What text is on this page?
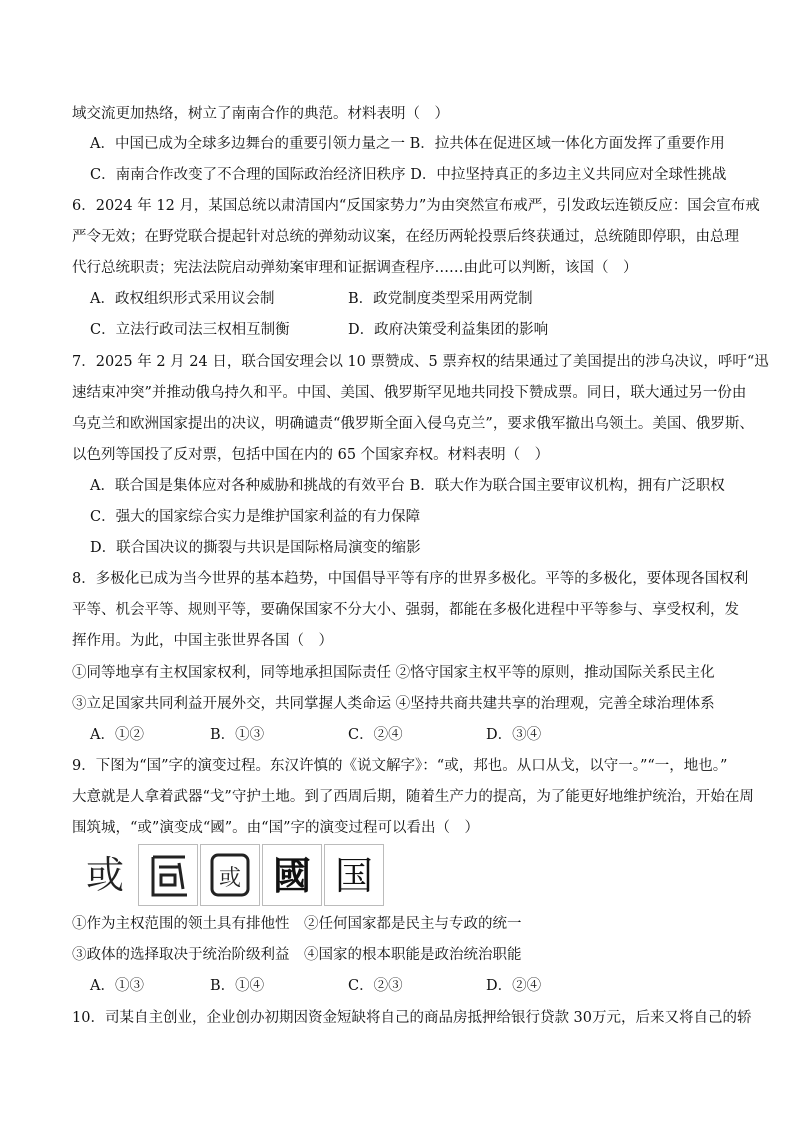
域交流更加热络，树立了南南合作的典范。材料表明（　）
A．中国已成为全球多边舞台的重要引领力量之一 B．拉共体在促进区域一体化方面发挥了重要作用
C．南南合作改变了不合理的国际政治经济旧秩序 D．中拉坚持真正的多边主义共同应对全球性挑战
6．2024 年 12 月，某国总统以肃清国内“反国家势力”为由突然宣布戒严，引发政坛连锁反应：国会宣布戒
严令无效；在野党联合提起针对总统的弹劾动议案，在经历两轮投票后终获通过，总统随即停职，由总理
代行总统职责；宪法法院启动弹劾案审理和证据调查程序……由此可以判断，该国（　）
A．政权组织形式采用议会制	B．政党制度类型采用两党制
C．立法行政司法三权相互制衡	D．政府决策受利益集团的影响
7．2025 年 2 月 24 日，联合国安理会以 10 票赞成、5 票弃权的结果通过了美国提出的涉乌决议，呼吁“迅
速结束冲突”并推动俄乌持久和平。中国、美国、俄罗斯罕见地共同投下赞成票。同日，联大通过另一份由
乌克兰和欧洲国家提出的决议，明确谴责“俄罗斯全面入侵乌克兰”，要求俄军撤出乌领土。美国、俄罗斯、
以色列等国投了反对票，包括中国在内的 65 个国家弃权。材料表明（　）
A．联合国是集体应对各种威胁和挑战的有效平台 B．联大作为联合国主要审议机构，拥有广泛职权
C．强大的国家综合实力是维护国家利益的有力保障
D．联合国决议的撕裂与共识是国际格局演变的缩影
8．多极化已成为当今世界的基本趋势，中国倡导平等有序的世界多极化。平等的多极化，要体现各国权利
平等、机会平等、规则平等，要确保国家不分大小、强弱，都能在多极化进程中平等参与、享受权利，发
挥作用。为此，中国主张世界各国（　）
①同等地享有主权国家权利，同等地承担国际责任 ②恪守国家主权平等的原则，推动国际关系民主化
③立足国家共同利益开展外交，共同掌握人类命运 ④坚持共商共建共享的治理观，完善全球治理体系
A．①②	B．①③	C．②④	D．③④
9．下图为“国”字的演变过程。东汉许慎的《说文解字》：“或，邦也。从口从戈，以守一。”“一，地也。”
大意就是人拿着武器“戈”守护土地。到了西周后期，随着生产力的提高，为了能更好地维护统治，开始在周
围筑城，“或”演变成“國”。由“国”字的演变过程可以看出（　）
或	或 國 国
①作为主权范围的领土具有排他性　②任何国家都是民主与专政的统一
③政体的选择取决于统治阶级利益　④国家的根本职能是政治统治职能
A．①③	B．①④	C．②③	D．②④
10．司某自主创业，企业创办初期因资金短缺将自己的商品房抵押给银行贷款 30万元，后来又将自己的轿
